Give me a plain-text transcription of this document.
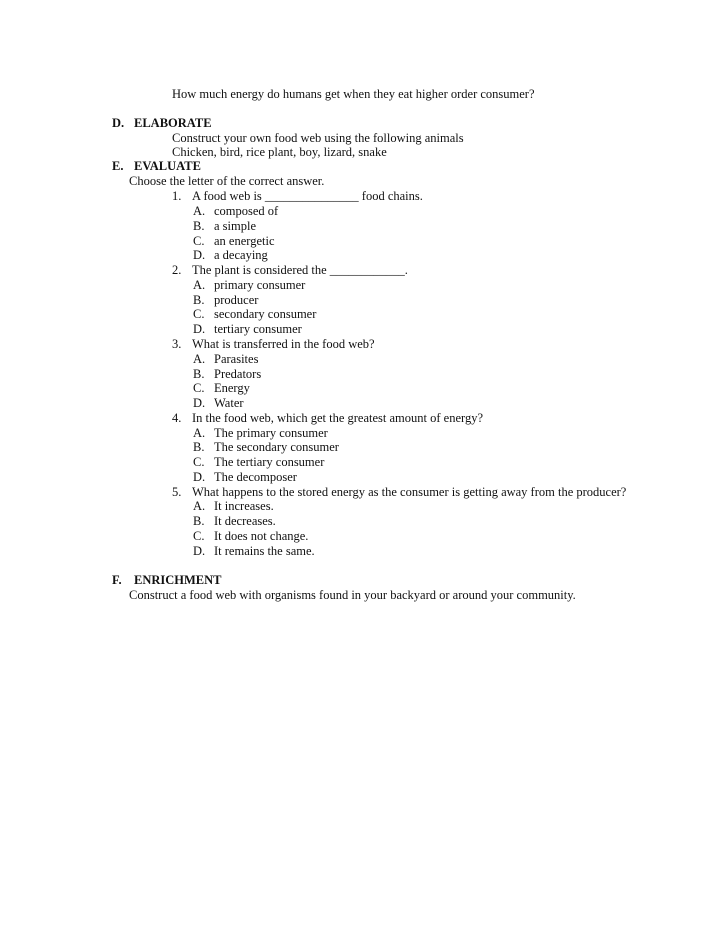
How much energy do humans get when they eat higher order consumer?
D. ELABORATE
Construct your own food web using the following animals
Chicken, bird, rice plant, boy, lizard, snake
E. EVALUATE
Choose the letter of the correct answer.
1. A food web is _______________ food chains.
A. composed of
B. a simple
C. an energetic
D. a decaying
2. The plant is considered the ____________.
A. primary consumer
B. producer
C. secondary consumer
D. tertiary consumer
3. What is transferred in the food web?
A. Parasites
B. Predators
C. Energy
D. Water
4. In the food web, which get the greatest amount of energy?
A. The primary consumer
B. The secondary consumer
C. The tertiary consumer
D. The decomposer
5. What happens to the stored energy as the consumer is getting away from the producer?
A. It increases.
B. It decreases.
C. It does not change.
D. It remains the same.
F. ENRICHMENT
Construct a food web with organisms found in your backyard or around your community.
